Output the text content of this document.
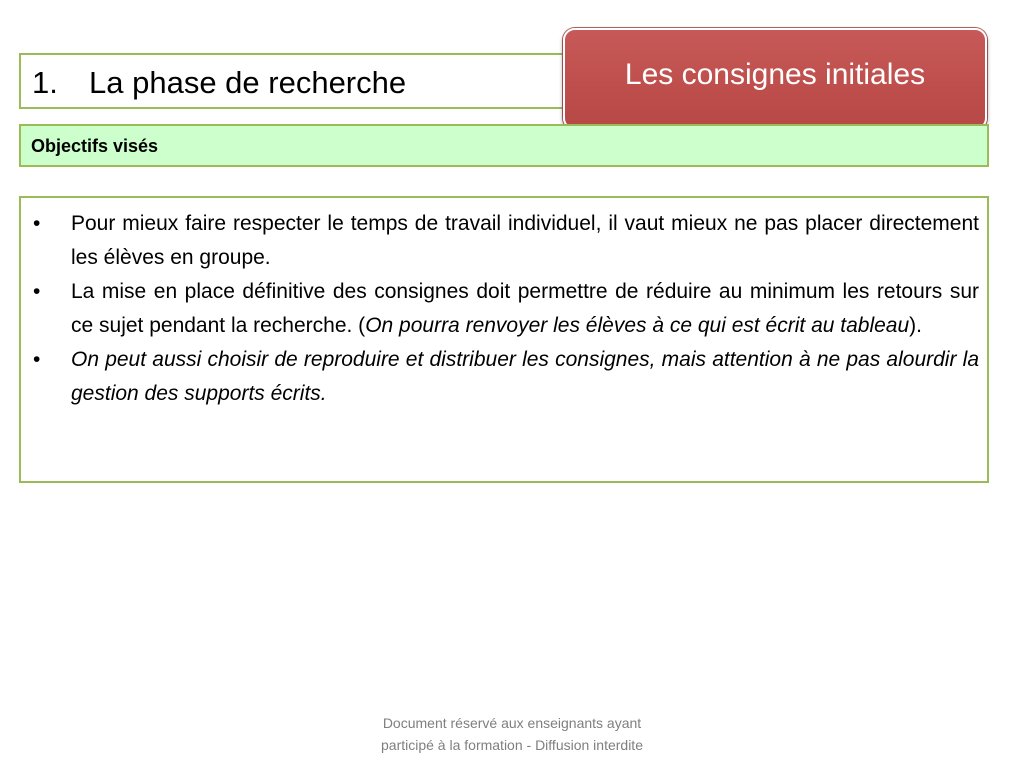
1. La phase de recherche	Les consignes initiales
Objectifs visés
• Pour mieux faire respecter le temps de travail individuel, il vaut mieux ne pas placer directement les élèves en groupe.
• La mise en place définitive des consignes doit permettre de réduire au minimum les retours sur ce sujet pendant la recherche. (On pourra renvoyer les élèves à ce qui est écrit au tableau).
• On peut aussi choisir de reproduire et distribuer les consignes, mais attention à ne pas alourdir la gestion des supports écrits.
Document réservé aux enseignants ayant
participé à la formation - Diffusion interdite
